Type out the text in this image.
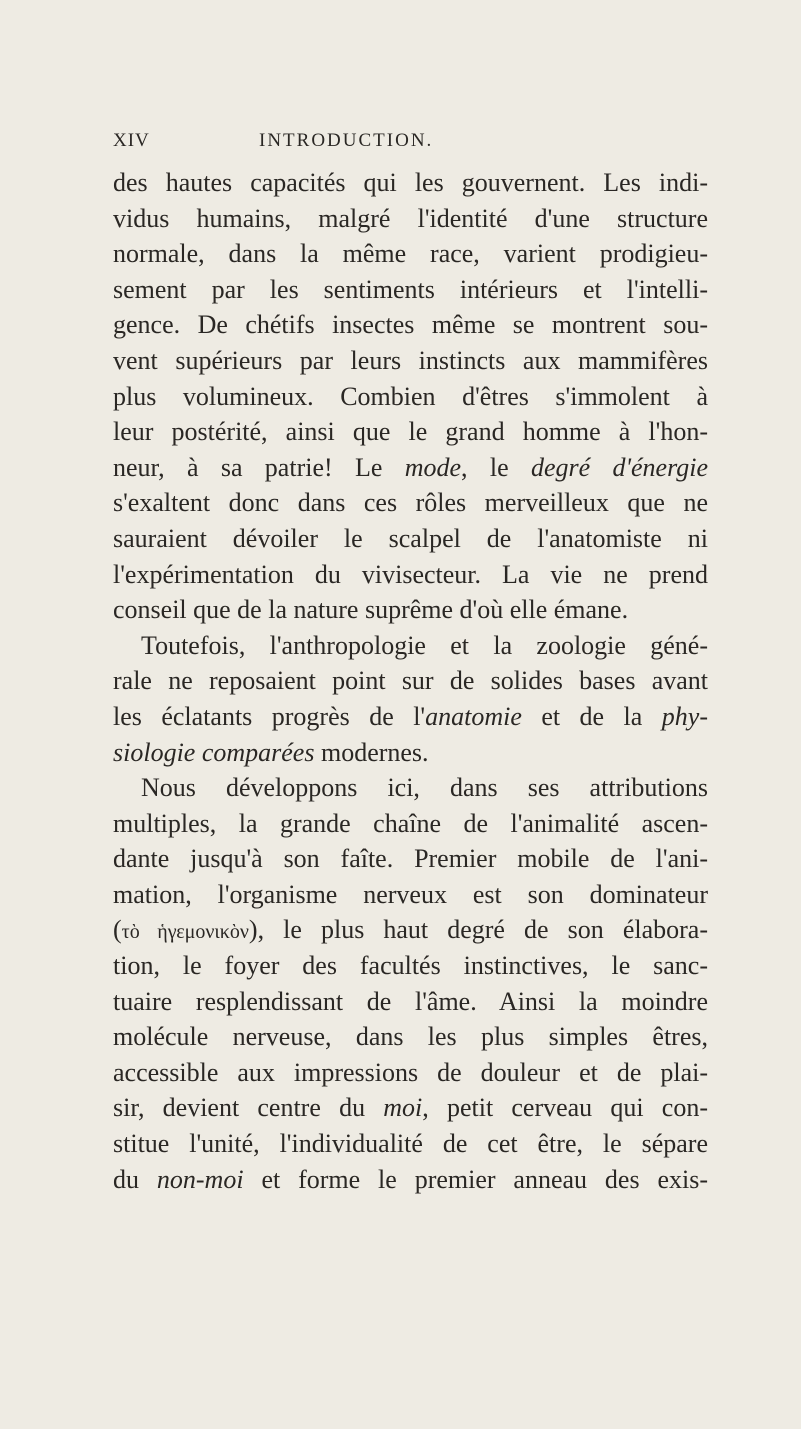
XIV	INTRODUCTION.
des hautes capacités qui les gouvernent. Les indi-
vidus humains, malgré l'identité d'une structure
normale, dans la même race, varient prodigieu-
sement par les sentiments intérieurs et l'intelli-
gence. De chétifs insectes même se montrent sou-
vent supérieurs par leurs instincts aux mammifères
plus volumineux. Combien d'êtres s'immolent à
leur postérité, ainsi que le grand homme à l'hon-
neur, à sa patrie! Le mode, le degré d'énergie
s'exaltent donc dans ces rôles merveilleux que ne
sauraient dévoiler le scalpel de l'anatomiste ni
l'expérimentation du vivisecteur. La vie ne prend
conseil que de la nature suprême d'où elle émane.
Toutefois, l'anthropologie et la zoologie géné-
rale ne reposaient point sur de solides bases avant
les éclatants progrès de l'anatomie et de la phy-
siologie comparées modernes.
Nous développons ici, dans ses attributions
multiples, la grande chaîne de l'animalité ascen-
dante jusqu'à son faîte. Premier mobile de l'ani-
mation, l'organisme nerveux est son dominateur
(τὸ ἡγεμονικὸν), le plus haut degré de son élabora-
tion, le foyer des facultés instinctives, le sanc-
tuaire resplendissant de l'âme. Ainsi la moindre
molécule nerveuse, dans les plus simples êtres,
accessible aux impressions de douleur et de plai-
sir, devient centre du moi, petit cerveau qui con-
stitue l'unité, l'individualité de cet être, le sépare
du non-moi et forme le premier anneau des exis-
